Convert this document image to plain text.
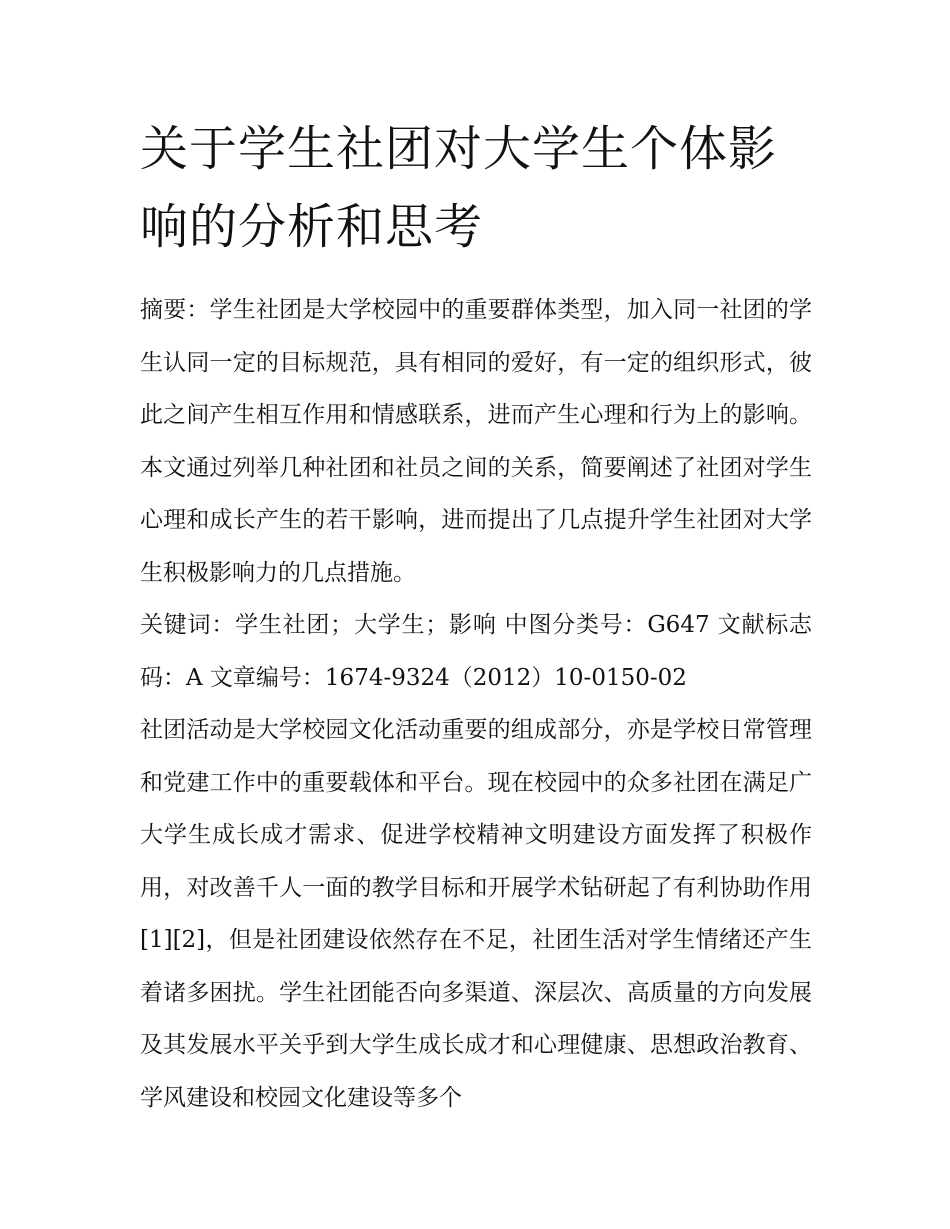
关于学生社团对大学生个体影响的分析和思考

摘要：学生社团是大学校园中的重要群体类型，加入同一社团的学生认同一定的目标规范，具有相同的爱好，有一定的组织形式，彼此之间产生相互作用和情感联系，进而产生心理和行为上的影响。本文通过列举几种社团和社员之间的关系，简要阐述了社团对学生心理和成长产生的若干影响，进而提出了几点提升学生社团对大学生积极影响力的几点措施。

关键词：学生社团；大学生；影响 中图分类号：G647 文献标志码：A 文章编号：1674-9324（2012）10-0150-02

社团活动是大学校园文化活动重要的组成部分，亦是学校日常管理和党建工作中的重要载体和平台。现在校园中的众多社团在满足广大学生成长成才需求、促进学校精神文明建设方面发挥了积极作用，对改善千人一面的教学目标和开展学术钻研起了有利协助作用[1][2]，但是社团建设依然存在不足，社团生活对学生情绪还产生着诸多困扰。学生社团能否向多渠道、深层次、高质量的方向发展及其发展水平关乎到大学生成长成才和心理健康、思想政治教育、学风建设和校园文化建设等多个
